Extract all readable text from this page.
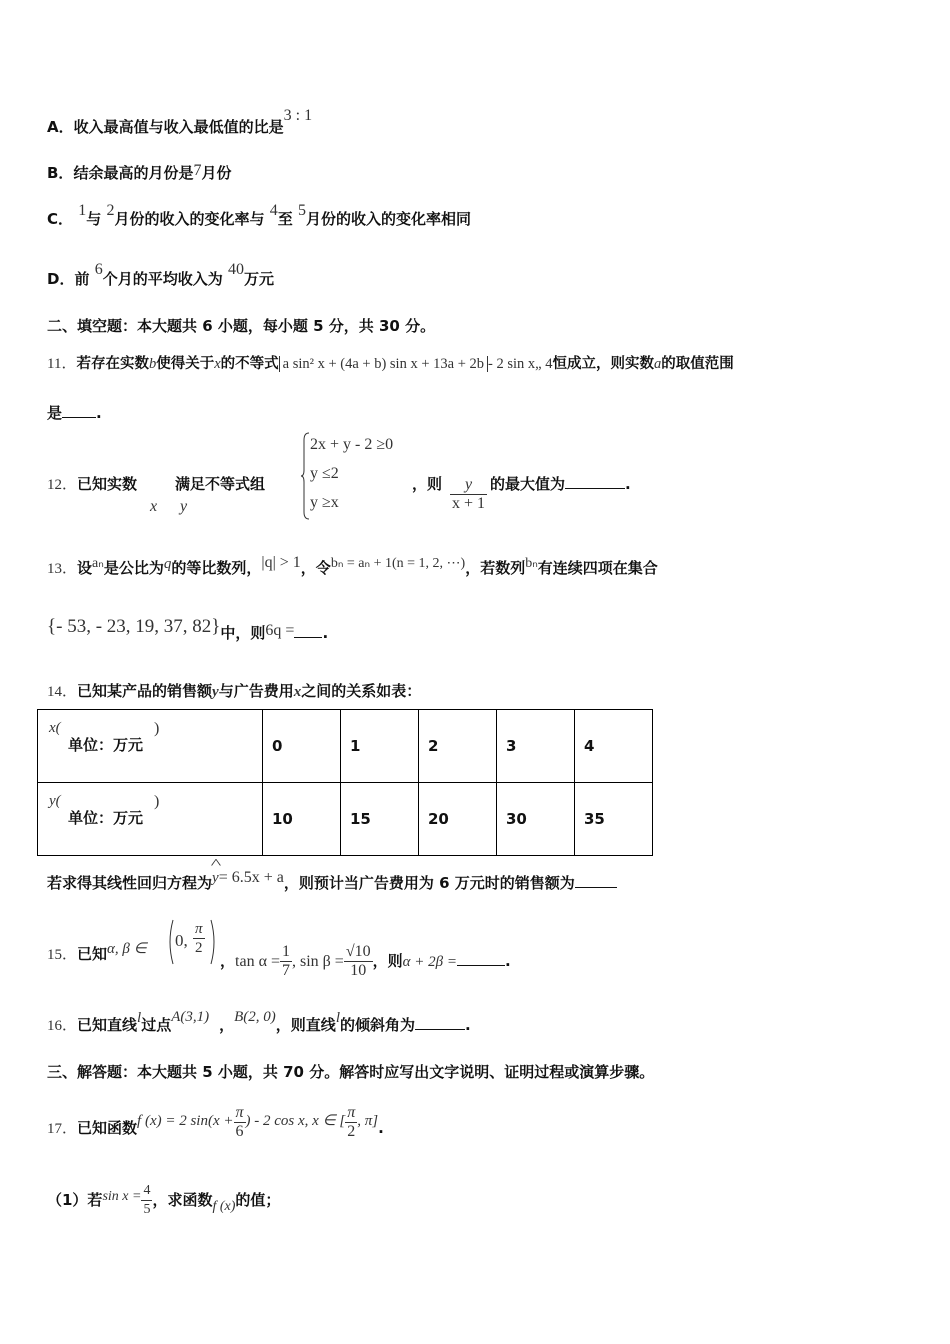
A．收入最高值与收入最低值的比是3 : 1
B．结余最高的月份是7月份
C． 1与 2月份的收入的变化率与 4至 5月份的收入的变化率相同
D．前 6个月的平均收入为 40万元
二、填空题：本大题共 6 小题，每小题 5 分，共 30 分。
11．若存在实数b使得关于x的不等式 a sin² x + (4a + b) sin x + 13a + 2b - 2 sin x„ 4恒成立，则实数a的取值范围
是 .
12．已知实数	满足不等式组
x y
2x + y - 2 ≥0
y ≤2
y ≥x
，则 $\frac{y}{x + 1}$ 的最大值为	.
13．设aₙ是公比为q的等比数列，|q| > 1，令bₙ = aₙ + 1(n = 1, 2, ⋯)，若数列bₙ有连续四项在集合
{- 53, - 23, 19, 37, 82}中，则6q = .
14．已知某产品的销售额y与广告费用x之间的关系如表：
x(
单位：万元
)	0	1	2	3	4

y(
单位：万元
)	10	15	20	30	35
若求得其线性回归方程为^ y= 6.5x + a，则预计当广告费用为 6 万元时的销售额为
15．已知α, β ∈ 0, $\frac{\pi}{2}$
，$\tan \alpha = \frac{1}{7}$ , $\sin \beta = \frac{√10}{10}$ ，则α + 2β =	.
16．已知直线l过点A(3,1) ，B(2, 0)，则直线l的倾斜角为	.
三、解答题：本大题共 5 小题，共 70 分。解答时应写出文字说明、证明过程或演算步骤。
17．已知函数f (x) = 2 $\sin(x + \frac{\pi}{6}$ ) - 2 cos x, x ∈ [ $\frac{\pi}{2}$ , π].
（1）若$\sin x = \frac{4}{5}$ ，求函数f (x)的值；
